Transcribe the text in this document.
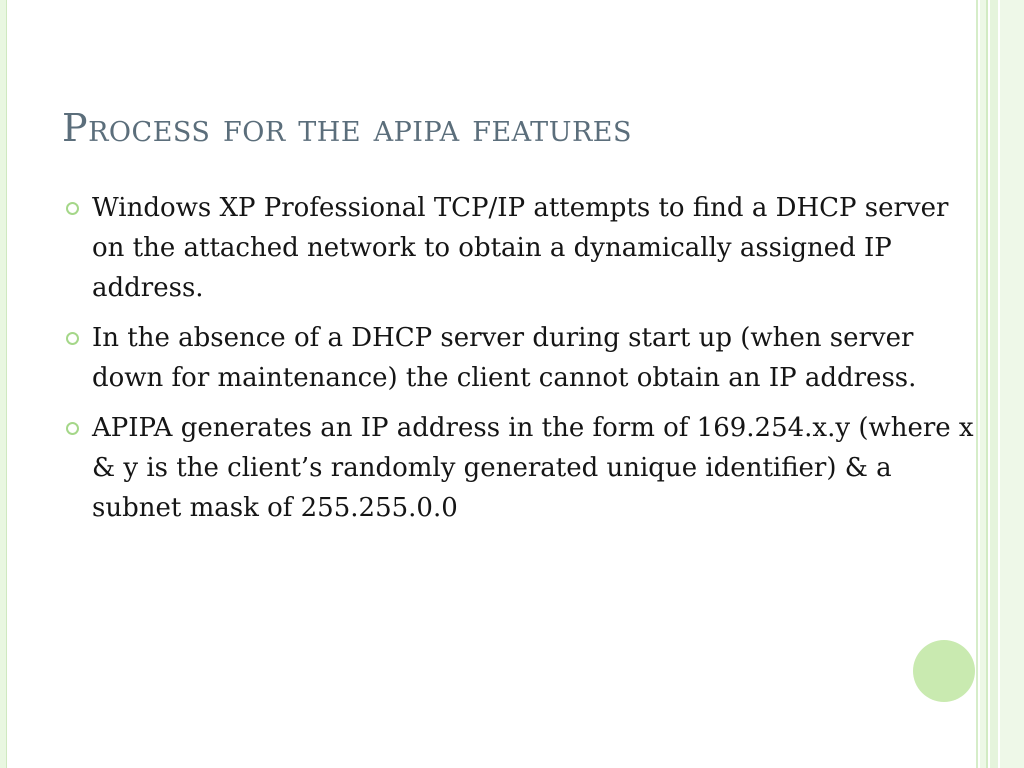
Process for the apipa features
Windows XP Professional TCP/IP attempts to find a DHCP server on the attached network to obtain a dynamically assigned IP address.
In the absence of a DHCP server during start up (when server down for maintenance) the client cannot obtain an IP address.
APIPA generates an IP address in the form of 169.254.x.y (where x & y is the client’s randomly generated unique identifier) & a subnet mask of 255.255.0.0
